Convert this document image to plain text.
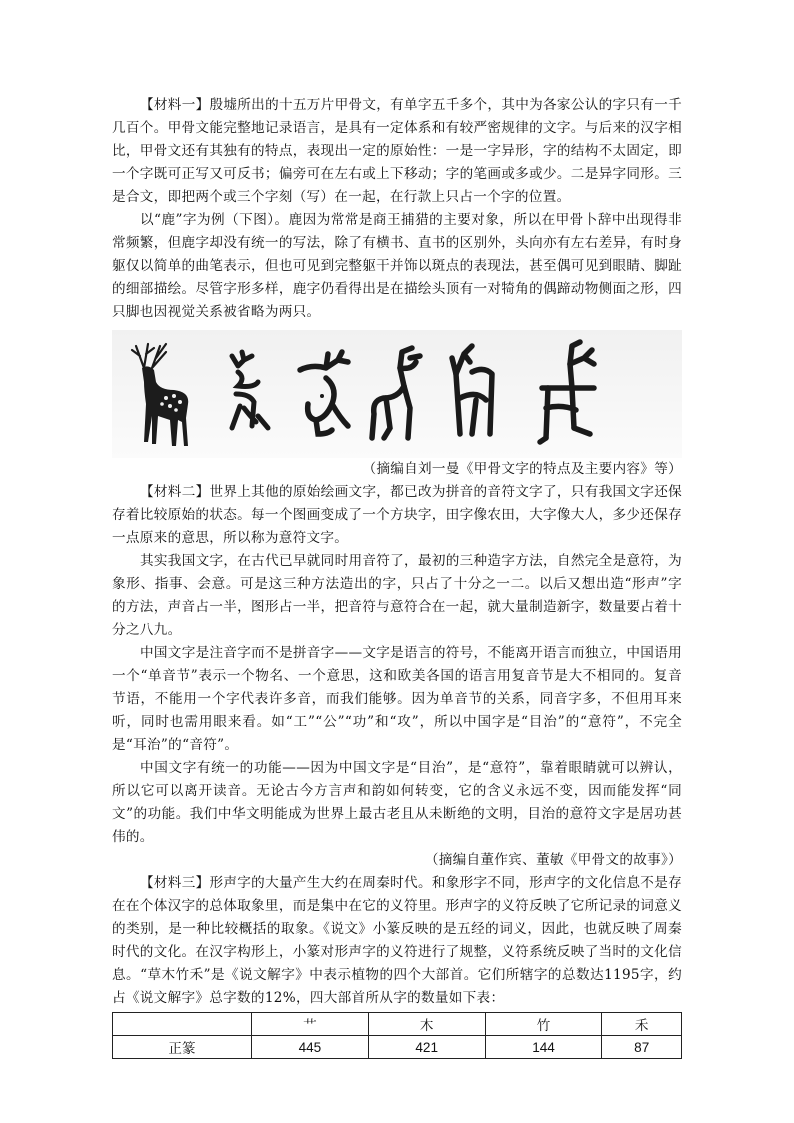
【材料一】殷墟所出的十五万片甲骨文，有单字五千多个，其中为各家公认的字只有一千几百个。甲骨文能完整地记录语言，是具有一定体系和有较严密规律的文字。与后来的汉字相比，甲骨文还有其独有的特点，表现出一定的原始性：一是一字异形，字的结构不太固定，即一个字既可正写又可反书；偏旁可在左右或上下移动；字的笔画或多或少。二是异字同形。三是合文，即把两个或三个字刻（写）在一起，在行款上只占一个字的位置。

以“鹿”字为例（下图）。鹿因为常常是商王捕猎的主要对象，所以在甲骨卜辞中出现得非常频繁，但鹿字却没有统一的写法，除了有横书、直书的区别外，头向亦有左右差异，有时身躯仅以简单的曲笔表示，但也可见到完整躯干并饰以斑点的表现法，甚至偶可见到眼睛、脚趾的细部描绘。尽管字形多样，鹿字仍看得出是在描绘头顶有一对犄角的偶蹄动物侧面之形，四只脚也因视觉关系被省略为两只。

（摘编自刘一曼《甲骨文字的特点及主要内容》等）

【材料二】世界上其他的原始绘画文字，都已改为拼音的音符文字了，只有我国文字还保存着比较原始的状态。每一个图画变成了一个方块字，田字像农田，大字像大人，多少还保存一点原来的意思，所以称为意符文字。

其实我国文字，在古代已早就同时用音符了，最初的三种造字方法，自然完全是意符，为象形、指事、会意。可是这三种方法造出的字，只占了十分之一二。以后又想出造“形声”字的方法，声音占一半，图形占一半，把音符与意符合在一起，就大量制造新字，数量要占着十分之八九。

中国文字是注音字而不是拼音字——文字是语言的符号，不能离开语言而独立，中国语用一个“单音节”表示一个物名、一个意思，这和欧美各国的语言用复音节是大不相同的。复音节语，不能用一个字代表许多音，而我们能够。因为单音节的关系，同音字多，不但用耳来听，同时也需用眼来看。如“工”“公”“功”和“攻”，所以中国字是“目治”的“意符”，不完全是“耳治”的“音符”。

中国文字有统一的功能——因为中国文字是“目治”，是“意符”，靠着眼睛就可以辨认，所以它可以离开读音。无论古今方言声和韵如何转变，它的含义永远不变，因而能发挥“同文”的功能。我们中华文明能成为世界上最古老且从未断绝的文明，目治的意符文字是居功甚伟的。

（摘编自董作宾、董敏《甲骨文的故事》）

【材料三】形声字的大量产生大约在周秦时代。和象形字不同，形声字的文化信息不是存在在个体汉字的总体取象里，而是集中在它的义符里。形声字的义符反映了它所记录的词意义的类别，是一种比较概括的取象。《说文》小篆反映的是五经的词义，因此，也就反映了周秦时代的文化。在汉字构形上，小篆对形声字的义符进行了规整，义符系统反映了当时的文化信息。“草木竹禾”是《说文解字》中表示植物的四个大部首。它们所辖字的总数达1195字，约占《说文解字》总字数的12%，四大部首所从字的数量如下表：

	艹	木	竹	禾
正篆	445	421	144	87
